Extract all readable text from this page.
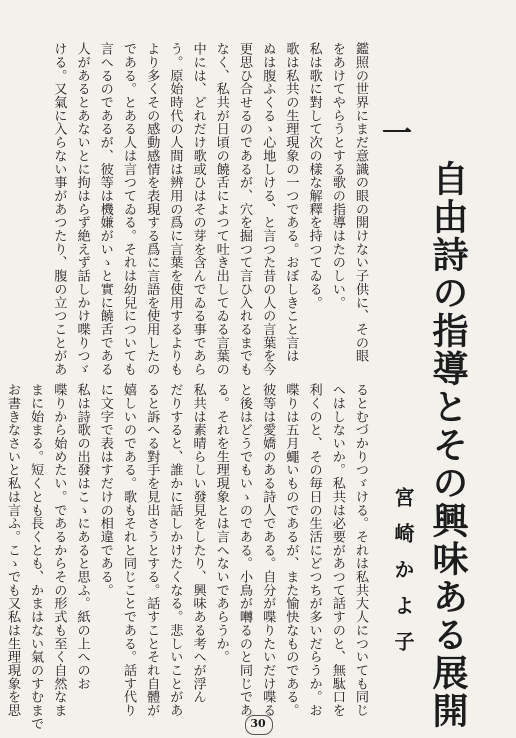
自由詩の指導とその興味ある展開
宮崎かよ子
一
鑑照の世界にまだ意識の眼の開けない子供に、その眼
をあけてやらうとする歌の指導はたのしい。
私は歌に對して次の樣な解釋を持つてゐる。
歌は私共の生理現象の一つである。おぼしきこと言は
ぬは腹ふくるゝ心地しける、と言つた昔の人の言葉を今
更思ひ合せるのであるが、穴を掘つて言ひ入れるまでも
なく、私共が日頃の饒舌によつて吐き出してゐる言葉の
中には、どれだけ歌或ひはその芽を含んでゐる事であら
う。原始時代の人間は辨用の爲に言葉を使用するよりも
より多くその感動感情を表現する爲に言語を使用したの
である。とある人は言つてゐる。それは幼兒についても
言へるのであるが、彼等は機嫌がいゝと實に饒舌である
人があるとあないとに拘はらず絶えず話しかけ喋りつゞ
ける。又氣に入らない事があつたり、腹の立つことがあ
るとむづかりつゞける。それは私共大人についても同じ
へはしないか。私共は必要があつて話すのと、無駄口を
利くのと、その毎日の生活にどつちが多いだらうか。お
喋りは五月蠅いものであるが、また愉快なものである。
彼等は愛嬌のある詩人である。自分が喋りたいだけ喋る
と後はどうでもいゝのである。小鳥が囀るのと同じであ
る。それを生理現象とは言へないであらうか。
私共は素晴らしい發見をしたり、興味ある考へが浮ん
だりすると、誰かに話しかけたくなる。悲しいことがあ
ると訴へる對手を見出さうとする。話すことそれ自體が
嬉しいのである。歌もそれと同じことである。話す代り
に文字で表はすだけの相違である。
私は詩歌の出發はこゝにあると思ふ。紙の上へのお
喋りから始めたい。であるからその形式も至く自然なま
まに始まる。短くとも長くとも、かまはない氣のすむまで
お書きなさいと私は言ふ。こゝでも又私は生理現象を思
30
